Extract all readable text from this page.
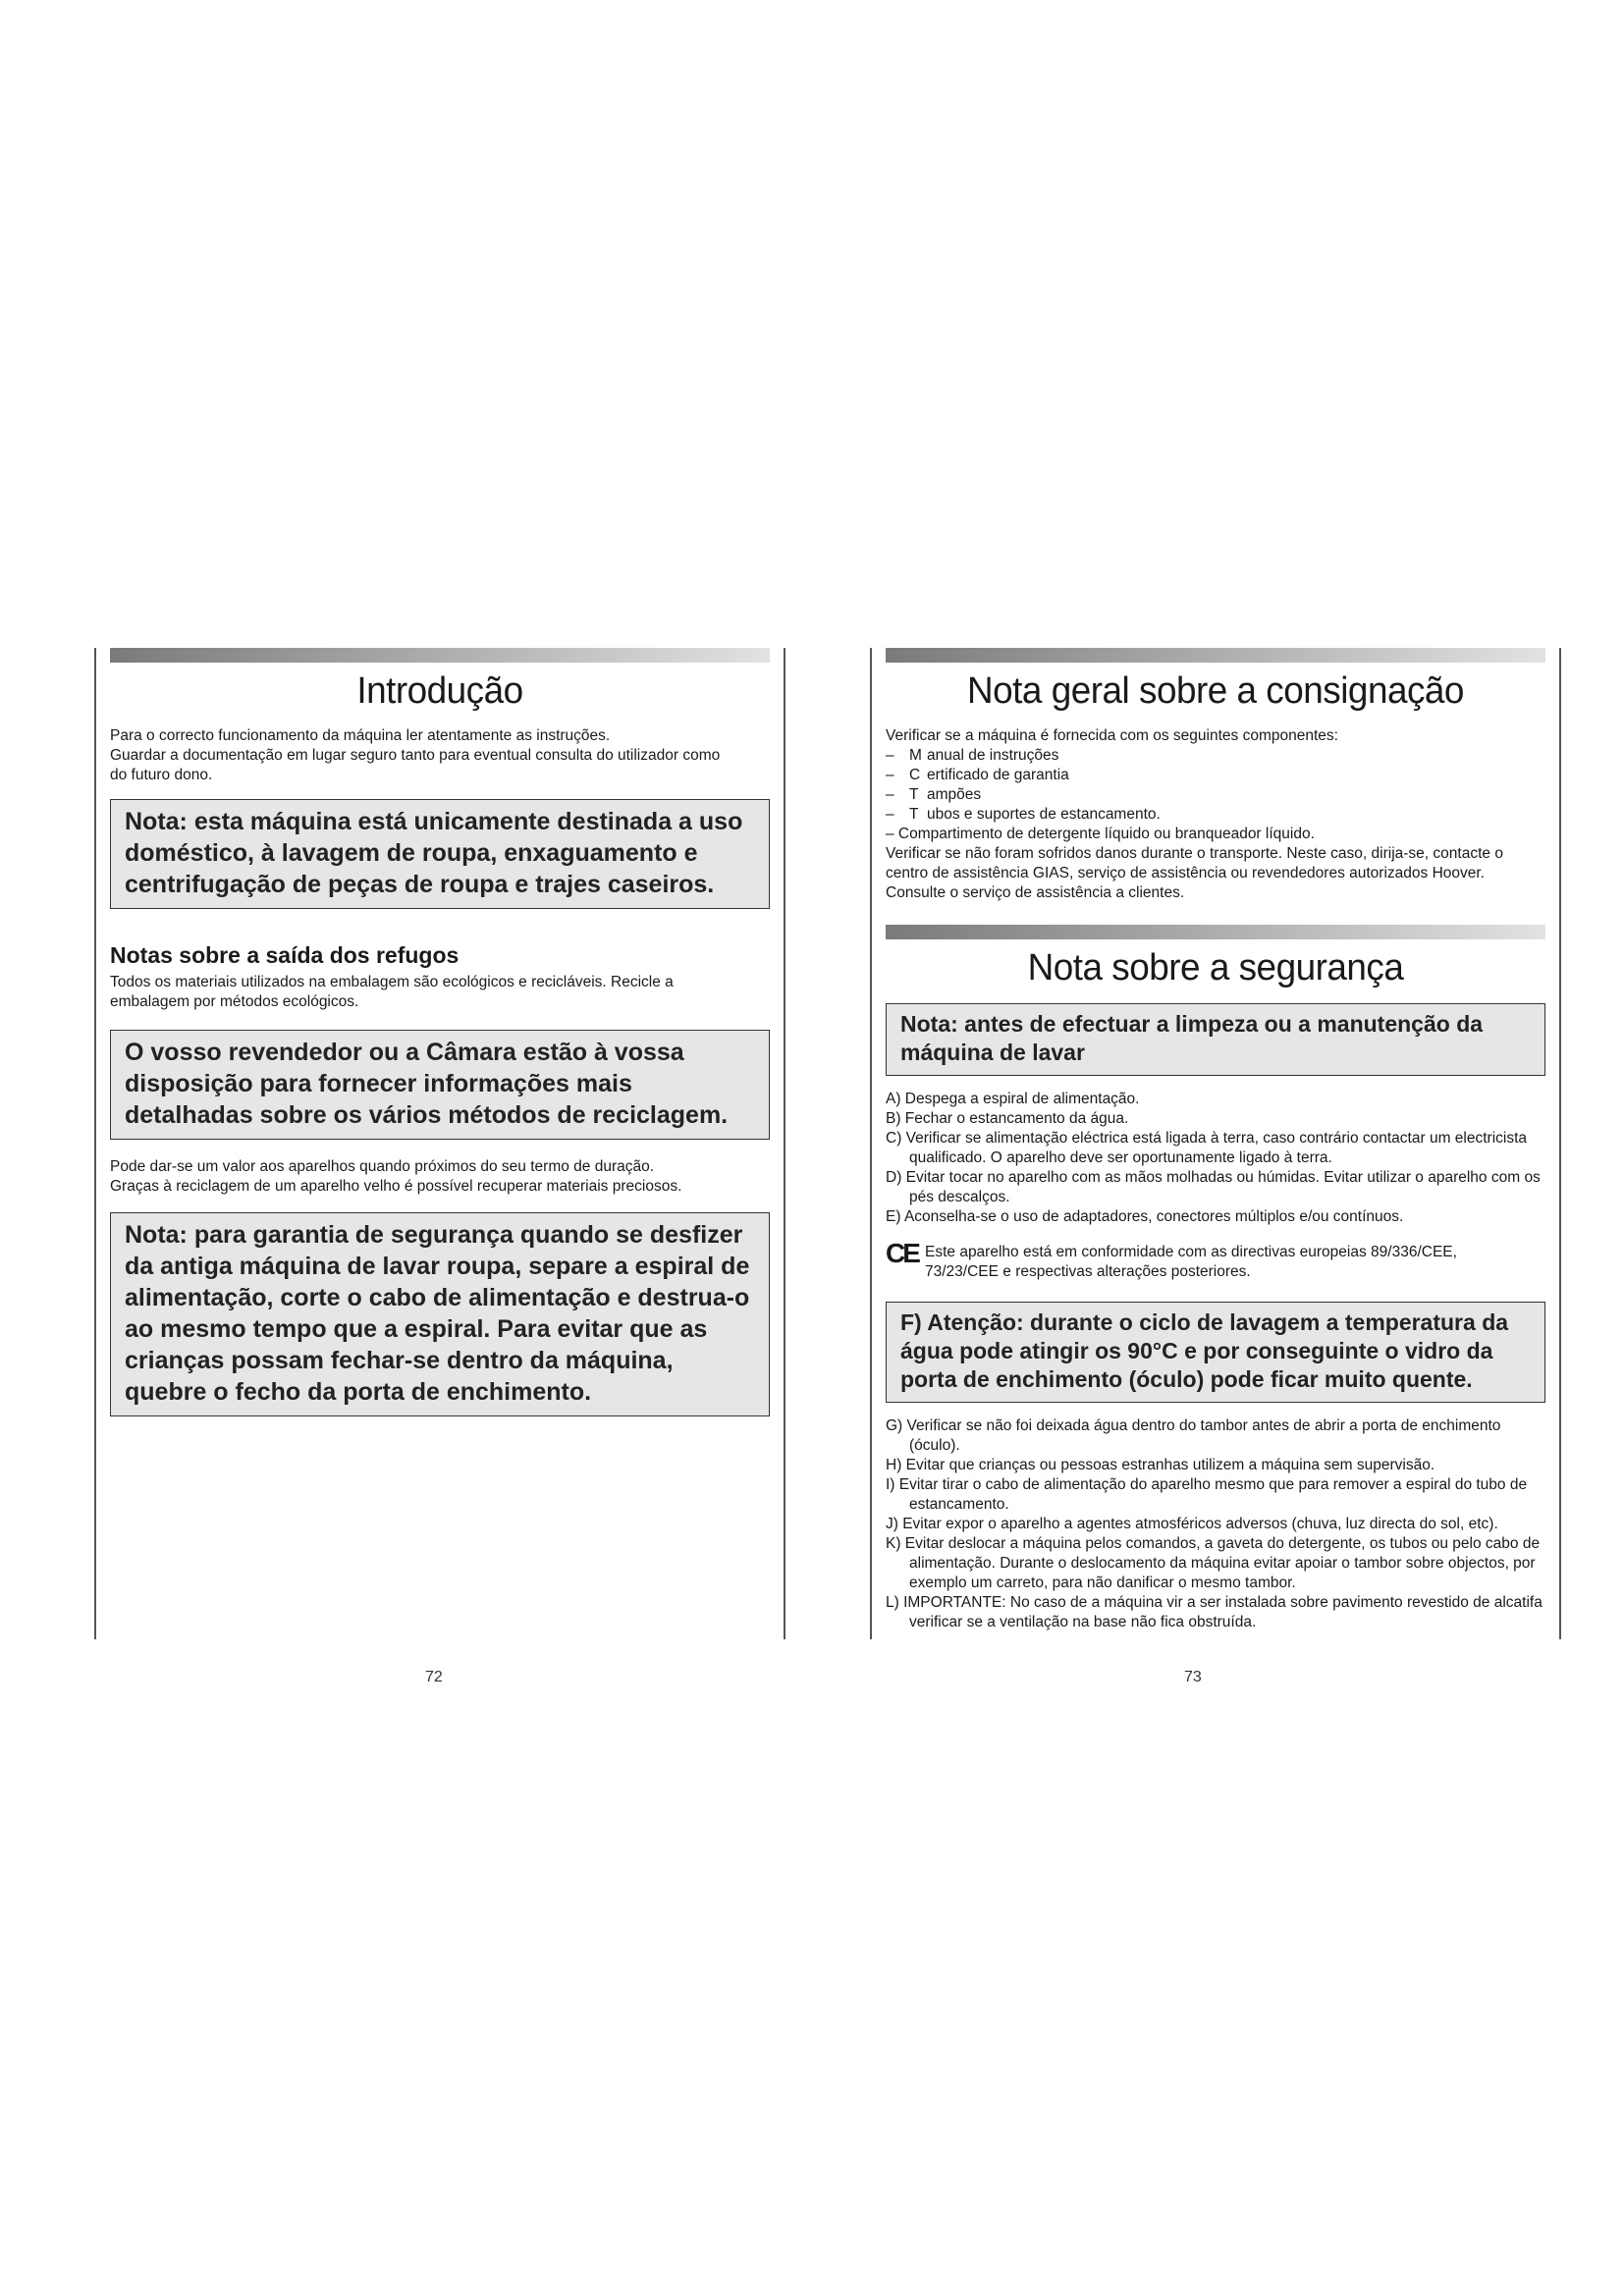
Introdução

Para o correcto funcionamento da máquina ler atentamente as instruções.

Guardar a documentação em lugar seguro tanto para eventual consulta do utilizador como

do futuro dono.

Nota: esta máquina está unicamente destinada a uso doméstico, à lavagem de roupa, enxaguamento e centrifugação de peças de roupa e trajes caseiros.
Notas sobre a saída dos refugos

Todos os materiais utilizados na embalagem são ecológicos e recicláveis. Recicle a

embalagem por métodos ecológicos.

O vosso revendedor ou a Câmara estão à vossa disposição para fornecer informações mais detalhadas sobre os vários métodos de reciclagem.

Pode dar-se um valor aos aparelhos quando próximos do seu termo de duração.

Graças à reciclagem de um aparelho velho é possível recuperar materiais preciosos.

Nota: para garantia de segurança quando se desfizer da antiga máquina de lavar roupa, separe a espiral de alimentação, corte o cabo de alimentação e destrua-o ao mesmo tempo que a espiral. Para evitar que as crianças possam fechar-se dentro da máquina, quebre o fecho da porta de enchimento.
72
Nota geral sobre a consignação
Verificar se a máquina é fornecida com os seguintes componentes:
– M anual de instruções
– C ertificado de garantia
– T ampões
– T ubos e suportes de estancamento.
– Compartimento de detergente líquido ou branqueador líquido.

Verificar se não foram sofridos danos durante o transporte. Neste caso, dirija-se, contacte o

centro de assistência GIAS, serviço de assistência ou revendedores autorizados Hoover.

Consulte o serviço de assistência a clientes.

Nota sobre a segurança
Nota: antes de efectuar a limpeza ou a manutenção da máquina de lavar
A) Despega a espiral de alimentação.
B) Fechar o estancamento da água.
C) Verificar se alimentação eléctrica está ligada à terra, caso contrário contactar um electricista qualificado. O aparelho deve ser oportunamente ligado à terra.
D) Evitar tocar no aparelho com as mãos molhadas ou húmidas. Evitar utilizar o aparelho com os pés descalços.
E) Aconselha-se o uso de adaptadores, conectores múltiplos e/ou contínuos.
CE Este aparelho está em conformidade com as directivas europeias 89/336/CEE,
73/23/CEE e respectivas alterações posteriores.
F) Atenção: durante o ciclo de lavagem a temperatura da água pode atingir os 90°C e por conseguinte o vidro da porta de enchimento (óculo) pode ficar muito quente.
G) Verificar se não foi deixada água dentro do tambor antes de abrir a porta de enchimento (óculo).
H) Evitar que crianças ou pessoas estranhas utilizem a máquina sem supervisão.
I) Evitar tirar o cabo de alimentação do aparelho mesmo que para remover a espiral do tubo de estancamento.
J) Evitar expor o aparelho a agentes atmosféricos adversos (chuva, luz directa do sol, etc).
K) Evitar deslocar a máquina pelos comandos, a gaveta do detergente, os tubos ou pelo cabo de alimentação. Durante o deslocamento da máquina evitar apoiar o tambor sobre objectos, por exemplo um carreto, para não danificar o mesmo tambor.
L) IMPORTANTE: No caso de a máquina vir a ser instalada sobre pavimento revestido de alcatifa verificar se a ventilação na base não fica obstruída.
73
